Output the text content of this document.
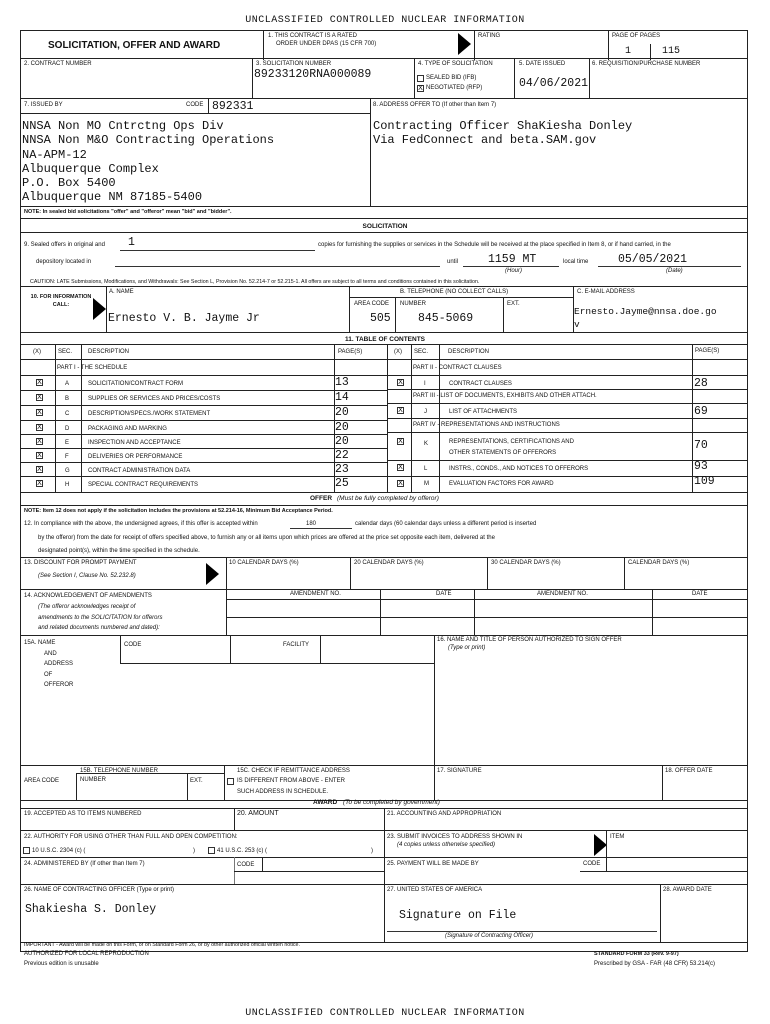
UNCLASSIFIED CONTROLLED NUCLEAR INFORMATION
SOLICITATION, OFFER AND AWARD
1. THIS CONTRACT IS A RATED
ORDER UNDER DPAS (15 CFR 700)
RATING	PAGE OF PAGES
1	115
2. CONTRACT NUMBER	3. SOLICITATION NUMBER
89233120RNA000089
4. TYPE OF SOLICITATION
SEALED BID (IFB)
X NEGOTIATED (RFP)
5. DATE ISSUED
04/06/2021
6. REQUISITION/PURCHASE NUMBER
7. ISSUED BY	CODE 892331	8. ADDRESS OFFER TO (If other than Item 7)
NNSA Non MO Cntrctng Ops Div
NNSA Non M&O Contracting Operations
NA-APM-12
Albuquerque Complex
P.O. Box 5400
Albuquerque NM 87185-5400
Contracting Officer ShaKiesha Donley
Via FedConnect and beta.SAM.gov
NOTE: In sealed bid solicitations "offer" and "offeror" mean "bid" and "bidder".
SOLICITATION
9. Sealed offers in original and 1	copies for furnishing the supplies or services in the Schedule will be received at the place specified in Item 8, or if hand carried, in the
depository located in	until	1159 MT	local time	05/05/2021
(Hour)	(Date)
CAUTION: LATE Submissions, Modifications, and Withdrawals: See Section L, Provision No. 52.214-7 or 52.215-1. All offers are subject to all terms and conditions contained in this solicitation.
10. FOR INFORMATION CALL:
A. NAME
Ernesto V. B. Jayme Jr
B. TELEPHONE (NO COLLECT CALLS)
AREA CODE
505
NUMBER
845-5069
EXT.
C. E-MAIL ADDRESS
Ernesto.Jayme@nnsa.doe.go
v
11. TABLE OF CONTENTS
(X)	SEC.	DESCRIPTION	PAGE(S)	(X) SEC.	DESCRIPTION	PAGE(S)
PART I - THE SCHEDULE	PART II - CONTRACT CLAUSES
X	A	SOLICITATION/CONTRACT FORM	13
X	B	SUPPLIES OR SERVICES AND PRICES/COSTS	14
X	C	DESCRIPTION/SPECS./WORK STATEMENT	20
X	D	PACKAGING AND MARKING	20
X	E	INSPECTION AND ACCEPTANCE	20
X	F	DELIVERIES OR PERFORMANCE	22
X	G	CONTRACT ADMINISTRATION DATA	23
X	H	SPECIAL CONTRACT REQUIREMENTS	25
X	I	CONTRACT CLAUSES	28
PART III - LIST OF DOCUMENTS, EXHIBITS AND OTHER ATTACH.
X	J	LIST OF ATTACHMENTS	69
PART IV - REPRESENTATIONS AND INSTRUCTIONS
X	K	REPRESENTATIONS, CERTIFICATIONS AND
OTHER STATEMENTS OF OFFERORS
70
X	L	INSTRS., CONDS., AND NOTICES TO OFFERORS	93
X	M	EVALUATION FACTORS FOR AWARD	109
OFFER (Must be fully completed by offeror)
NOTE: Item 12 does not apply if the solicitation includes the provisions at 52.214-16, Minimum Bid Acceptance Period.
12. In compliance with the above, the undersigned agrees, if this offer is accepted within	180	calendar days (60 calendar days unless a different period is inserted
by the offeror) from the date for receipt of offers specified above, to furnish any or all items upon which prices are offered at the price set opposite each item, delivered at the
designated point(s), within the time specified in the schedule.
13. DISCOUNT FOR PROMPT PAYMENT
(See Section I, Clause No. 52.232.8)
10 CALENDAR DAYS (%)	20 CALENDAR DAYS (%)	30 CALENDAR DAYS (%)	CALENDAR DAYS (%)
14. ACKNOWLEDGEMENT OF AMENDMENTS
(The offeror acknowledges receipt of
amendments to the SOLICITATION for offerors
and related documents numbered and dated):
AMENDMENT NO.	DATE	AMENDMENT NO.	DATE
15A. NAME
AND
ADDRESS
OF
OFFEROR
CODE	FACILITY
16. NAME AND TITLE OF PERSON AUTHORIZED TO SIGN OFFER
(Type or print)
15B. TELEPHONE NUMBER
AREA CODE	NUMBER	EXT.
15C. CHECK IF REMITTANCE ADDRESS
IS DIFFERENT FROM ABOVE - ENTER
SUCH ADDRESS IN SCHEDULE.
17. SIGNATURE	18. OFFER DATE
AWARD (To be completed by government)
19. ACCEPTED AS TO ITEMS NUMBERED	20. AMOUNT	21. ACCOUNTING AND APPROPRIATION
22. AUTHORITY FOR USING OTHER THAN FULL AND OPEN COMPETITION:
10 U.S.C. 2304 (c) (	)	41 U.S.C. 253 (c) (	)
23. SUBMIT INVOICES TO ADDRESS SHOWN IN
(4 copies unless otherwise specified)
ITEM
24. ADMINISTERED BY (If other than Item 7)	CODE	25. PAYMENT WILL BE MADE BY	CODE
26. NAME OF CONTRACTING OFFICER (Type or print)
Shakiesha S. Donley
27. UNITED STATES OF AMERICA
Signature on File
(Signature of Contracting Officer)
28. AWARD DATE
IMPORTANT - Award will be made on this Form, or on Standard Form 26, or by other authorized official written notice.
AUTHORIZED FOR LOCAL REPRODUCTION
Previous edition is unusable
STANDARD FORM 33 (Rev. 9-97)
Prescribed by GSA - FAR (48 CFR) 53.214(c)
UNCLASSIFIED CONTROLLED NUCLEAR INFORMATION
